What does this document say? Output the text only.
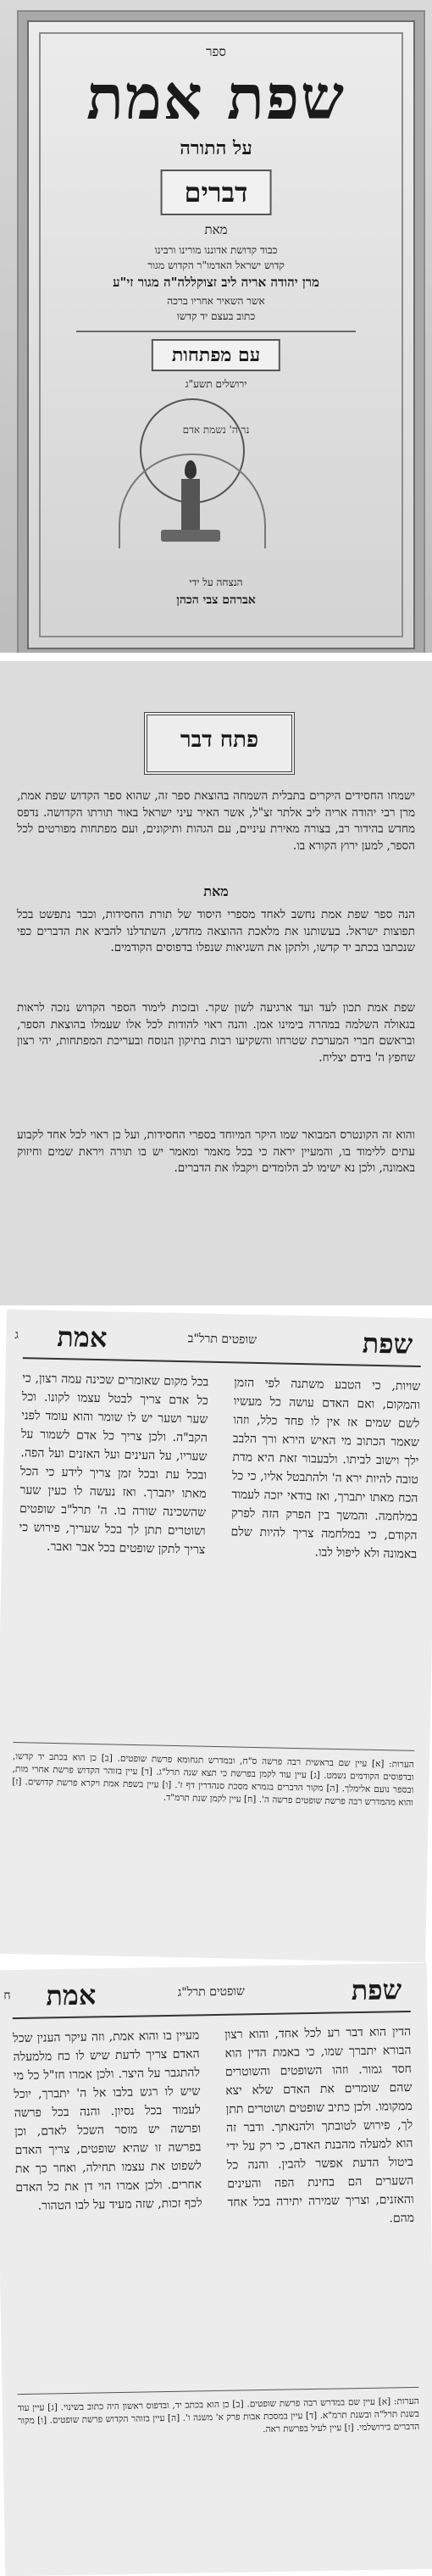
ספר
שפת אמת
על התורה
דברים
מאת
כבוד קדושת אדוננו מורינו ורבינו
קדוש ישראל האדמו"ר הקדוש מגור
מרן יהודה אריה ליב זצוקללה"ה מגור זי"ע
אשר השאיר אחריו ברכה
כתוב בעצם יד קדשו
עם מפתחות
ירושלים תשע"ג
נר ה' נשמת אדם
הנצחה על ידי
אברהם צבי הכהן
פתח דבר
ישמחו החסידים היקרים בתבלית השמחה בהוצאת ספר זה, שהוא ספר הקדוש שפת אמת, מרן רבי יהודה אריה ליב אלתר זצ"ל, אשר האיר עיני ישראל באור תורתו הקדושה. נדפס מחדש בהידור רב, בצורה מאירת עיניים, עם הגהות ותיקונים, ועם מפתחות מפורטים לכל הספר, למען ירוץ הקורא בו.
מאת
הנה ספר שפת אמת נחשב לאחד מספרי היסוד של תורת החסידות, וכבר נתפשט בכל תפוצות ישראל. בעשותנו את מלאכת ההוצאה מחדש, השתדלנו להביא את הדברים כפי שנכתבו בכתב יד קדשו, ולתקן את השגיאות שנפלו בדפוסים הקודמים.
שפת אמת תכון לעד ועד ארגיעה לשון שקר. ובזכות לימוד הספר הקדוש נזכה לראות בגאולה השלמה במהרה בימינו אמן. והנה ראוי להודות לכל אלו שעמלו בהוצאת הספר, ובראשם חברי המערכת שטרחו והשקיעו רבות בתיקון הנוסח ובעריכת המפתחות, יהי רצון שחפץ ה' בידם יצליח.
והוא זה הקונטרס המבואר שמו היקר המיוחד בספרי החסידות, ועל כן ראוי לכל אחד לקבוע עתים ללימוד בו, והמעיין יראה כי בכל מאמר ומאמר יש בו תורה ויראת שמים וחיזוק באמונה, ולכן נא ישימו לב הלומדים ויקבלו את הדברים.
שפת
שופטים תרל"ב
אמת
ג
שויות, כי הטבע משתנה לפי הזמן והמקום, ואם האדם עושה כל מעשיו לשם שמים אז אין לו פחד כלל, וזהו שאמר הכתוב מי האיש הירא ורך הלבב ילך וישוב לביתו. ולבעבור זאת היא מדת טובה להיות ירא ה' ולהתבטל אליו, כי כל הכח מאתו יתברך, ואז בודאי יזכה לעמוד במלחמה. והמשך בין הפרק הזה לפרק הקודם, כי במלחמה צריך להיות שלם באמונה ולא ליפול לבו.
בכל מקום שאומרים שכינה עמה רצון, כי כל אדם צריך לבטל עצמו לקונו. וכל שער ושער יש לו שומר והוא עומד לפני הקב"ה. ולכן צריך כל אדם לשמור על שעריו, על העינים ועל האזנים ועל הפה. ובכל עת ובכל זמן צריך לידע כי הכל מאתו יתברך. ואז נעשה לו כעין שער שהשכינה שורה בו. ה' תרל"ב שופטים ושוטרים תתן לך בכל שעריך, פירוש כי צריך לתקן שופטים בכל אבר ואבר.
הערות: [א] עיין שם בראשית רבה פרשה ס"ח, ובמדרש תנחומא פרשת שופטים. [ב] כן הוא בכתב יד קדשו, ובדפוסים הקודמים נשמט. [ג] עיין עוד לקמן בפרשת כי תצא שנה תרל"ג. [ד] עיין בזוהר הקדוש פרשת אחרי מות, ובספר נועם אלימלך. [ה] מקור הדברים בגמרא מסכת סנהדרין דף ז'. [ו] עיין בשפת אמת ויקרא פרשת קדושים. [ז] והוא מהמדרש רבה פרשת שופטים פרשה ה'. [ח] עיין לקמן שנת תרמ"ד.
שפת
שופטים תרל"ג
אמת
ח
הדין הוא דבר רע לכל אחד, והוא רצון הבורא יתברך שמו, כי באמת הדין הוא חסד גמור. וזהו השופטים והשוטרים שהם שומרים את האדם שלא יצא ממקומו. ולכן כתיב שופטים ושוטרים תתן לך, פירוש לטובתך ולהנאתך. ודבר זה הוא למעלה מהבנת האדם, כי רק על ידי ביטול הדעת אפשר להבין. והנה כל השערים הם בחינת הפה והעינים והאזנים, וצריך שמירה יתירה בכל אחד מהם.
מעיין בו והוא אמת, וזה עיקר הענין שכל האדם צריך לדעת שיש לו כח מלמעלה להתגבר על היצר. ולכן אמרו חז"ל כל מי שיש לו רגש בלבו אל ה' יתברך, יוכל לעמוד בכל נסיון. והנה בכל פרשה ופרשה יש מוסר השכל לאדם, וכן בפרשה זו שהיא שופטים, צריך האדם לשפוט את עצמו תחילה, ואחר כך את אחרים. ולכן אמרו הוי דן את כל האדם לכף זכות, שזה מעיד על לבו הטהור.
הערות: [א] עיין שם במדרש רבה פרשת שופטים. [ב] כן הוא בכתב יד, ובדפוס ראשון היה כתוב בשינוי. [ג] עיין עוד בשנת תרל"ה ובשנת תרמ"א. [ד] עיין במסכת אבות פרק א' משנה ו'. [ה] עיין בזוהר הקדוש פרשת שופטים. [ו] מקור הדברים בירושלמי. [ז] עיין לעיל בפרשת ראה.
